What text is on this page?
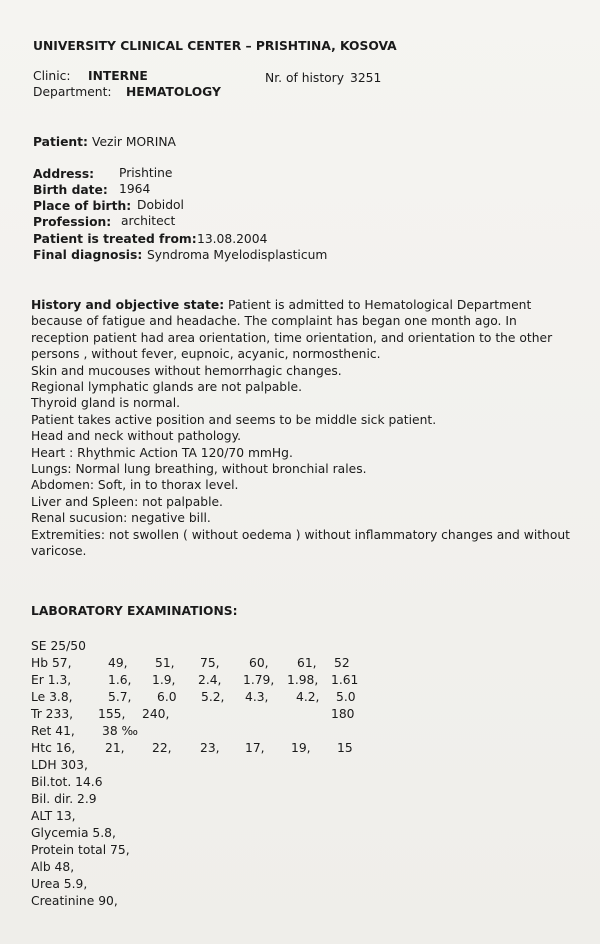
UNIVERSITY CLINICAL CENTER – PRISHTINA, KOSOVA
Clinic: INTERNE	Nr. of history 3251
Department: HEMATOLOGY
Patient: Vezir MORINA
Address: Prishtine
Birth date: 1964
Place of birth: Dobidol
Profession: architect
Patient is treated from: 13.08.2004
Final diagnosis: Syndroma Myelodisplasticum
History and objective state: Patient is admitted to Hematological Department
because of fatigue and headache. The complaint has began one month ago. In
reception patient had area orientation, time orientation, and orientation to the other
persons , without fever, eupnoic, acyanic, normosthenic.
Skin and mucouses without hemorrhagic changes.
Regional lymphatic glands are not palpable.
Thyroid gland is normal.
Patient takes active position and seems to be middle sick patient.
Head and neck without pathology.
Heart : Rhythmic Action TA 120/70 mmHg.
Lungs: Normal lung breathing, without bronchial rales.
Abdomen: Soft, in to thorax level.
Liver and Spleen: not palpable.
Renal sucusion: negative bill.
Extremities: not swollen ( without oedema ) without inflammatory changes and without
varicose.
LABORATORY EXAMINATIONS:
SE 25/50
Hb 57,	49, 51, 75, 60, 61, 52
Er 1.3,	1.6, 1.9, 2.4, 1.79, 1.98, 1.61
Le 3.8,	5.7, 6.0 5.2, 4.3, 4.2, 5.0
Tr 233, 155, 240,	180
Ret 41, 38 ‰
Htc 16, 21, 22, 23, 17, 19, 15
LDH 303,
Bil.tot. 14.6
Bil. dir. 2.9
ALT 13,
Glycemia 5.8,
Protein total 75,
Alb 48,
Urea 5.9,
Creatinine 90,
